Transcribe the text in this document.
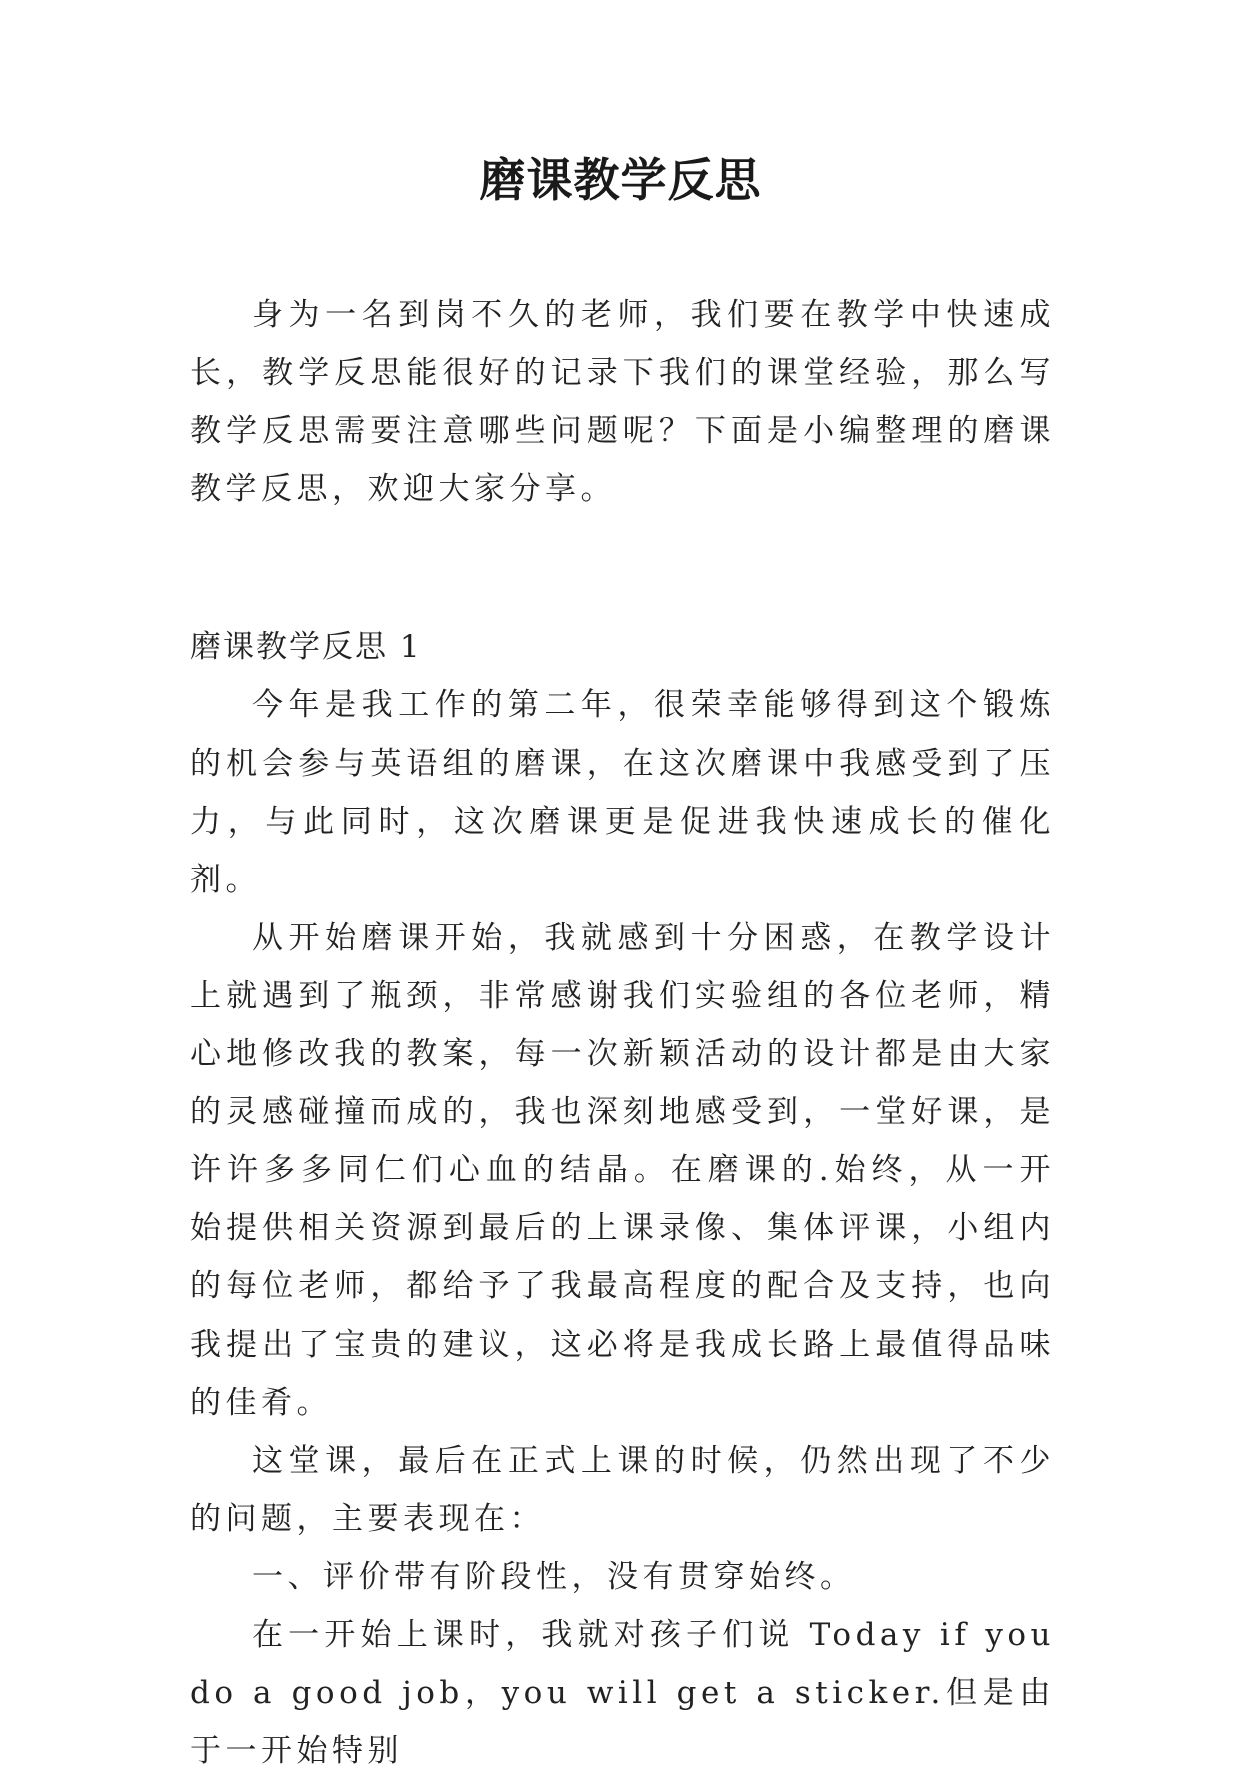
磨课教学反思

身为一名到岗不久的老师，我们要在教学中快速成长，教学反思能很好的记录下我们的课堂经验，那么写教学反思需要注意哪些问题呢？下面是小编整理的磨课教学反思，欢迎大家分享。

磨课教学反思 1

今年是我工作的第二年，很荣幸能够得到这个锻炼的机会参与英语组的磨课，在这次磨课中我感受到了压力，与此同时，这次磨课更是促进我快速成长的催化剂。

从开始磨课开始，我就感到十分困惑，在教学设计上就遇到了瓶颈，非常感谢我们实验组的各位老师，精心地修改我的教案，每一次新颖活动的设计都是由大家的灵感碰撞而成的，我也深刻地感受到，一堂好课，是许许多多同仁们心血的结晶。在磨课的.始终，从一开始提供相关资源到最后的上课录像、集体评课，小组内的每位老师，都给予了我最高程度的配合及支持，也向我提出了宝贵的建议，这必将是我成长路上最值得品味的佳肴。

这堂课，最后在正式上课的时候，仍然出现了不少的问题，主要表现在：

一、评价带有阶段性，没有贯穿始终。

在一开始上课时，我就对孩子们说 Today if you do a good job，you will get a sticker.但是由于一开始特别
